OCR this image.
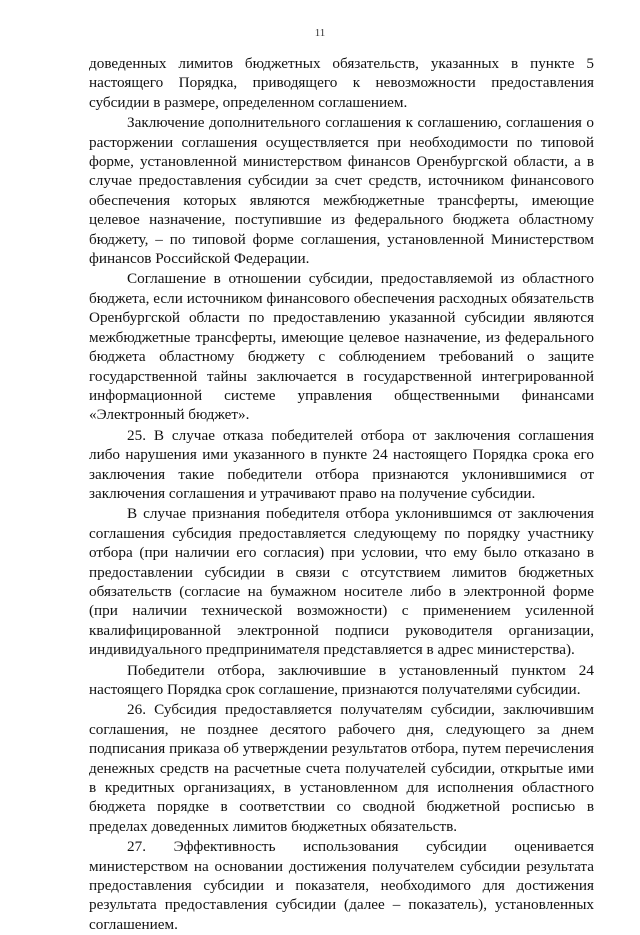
11

доведенных лимитов бюджетных обязательств, указанных в пункте 5 настоящего Порядка, приводящего к невозможности предоставления субсидии в размере, определенном соглашением.

Заключение дополнительного соглашения к соглашению, соглашения о расторжении соглашения осуществляется при необходимости по типовой форме, установленной министерством финансов Оренбургской области, а в случае предоставления субсидии за счет средств, источником финансового обеспечения которых являются межбюджетные трансферты, имеющие целевое назначение, поступившие из федерального бюджета областному бюджету, – по типовой форме соглашения, установленной Министерством финансов Российской Федерации.

Соглашение в отношении субсидии, предоставляемой из областного бюджета, если источником финансового обеспечения расходных обязательств Оренбургской области по предоставлению указанной субсидии являются межбюджетные трансферты, имеющие целевое назначение, из федерального бюджета областному бюджету с соблюдением требований о защите государственной тайны заключается в государственной интегрированной информационной системе управления общественными финансами «Электронный бюджет».

25. В случае отказа победителей отбора от заключения соглашения либо нарушения ими указанного в пункте 24 настоящего Порядка срока его заключения такие победители отбора признаются уклонившимися от заключения соглашения и утрачивают право на получение субсидии.

В случае признания победителя отбора уклонившимся от заключения соглашения субсидия предоставляется следующему по порядку участнику отбора (при наличии его согласия) при условии, что ему было отказано в предоставлении субсидии в связи с отсутствием лимитов бюджетных обязательств (согласие на бумажном носителе либо в электронной форме (при наличии технической возможности) с применением усиленной квалифицированной электронной подписи руководителя организации, индивидуального предпринимателя представляется в адрес министерства).

Победители отбора, заключившие в установленный пунктом 24 настоящего Порядка срок соглашение, признаются получателями субсидии.

26. Субсидия предоставляется получателям субсидии, заключившим соглашения, не позднее десятого рабочего дня, следующего за днем подписания приказа об утверждении результатов отбора, путем перечисления денежных средств на расчетные счета получателей субсидии, открытые ими в кредитных организациях, в установленном для исполнения областного бюджета порядке в соответствии со сводной бюджетной росписью в пределах доведенных лимитов бюджетных обязательств.

27. Эффективность использования субсидии оценивается министерством на основании достижения получателем субсидии результата предоставления субсидии и показателя, необходимого для достижения результата предоставления субсидии (далее – показатель), установленных соглашением.
